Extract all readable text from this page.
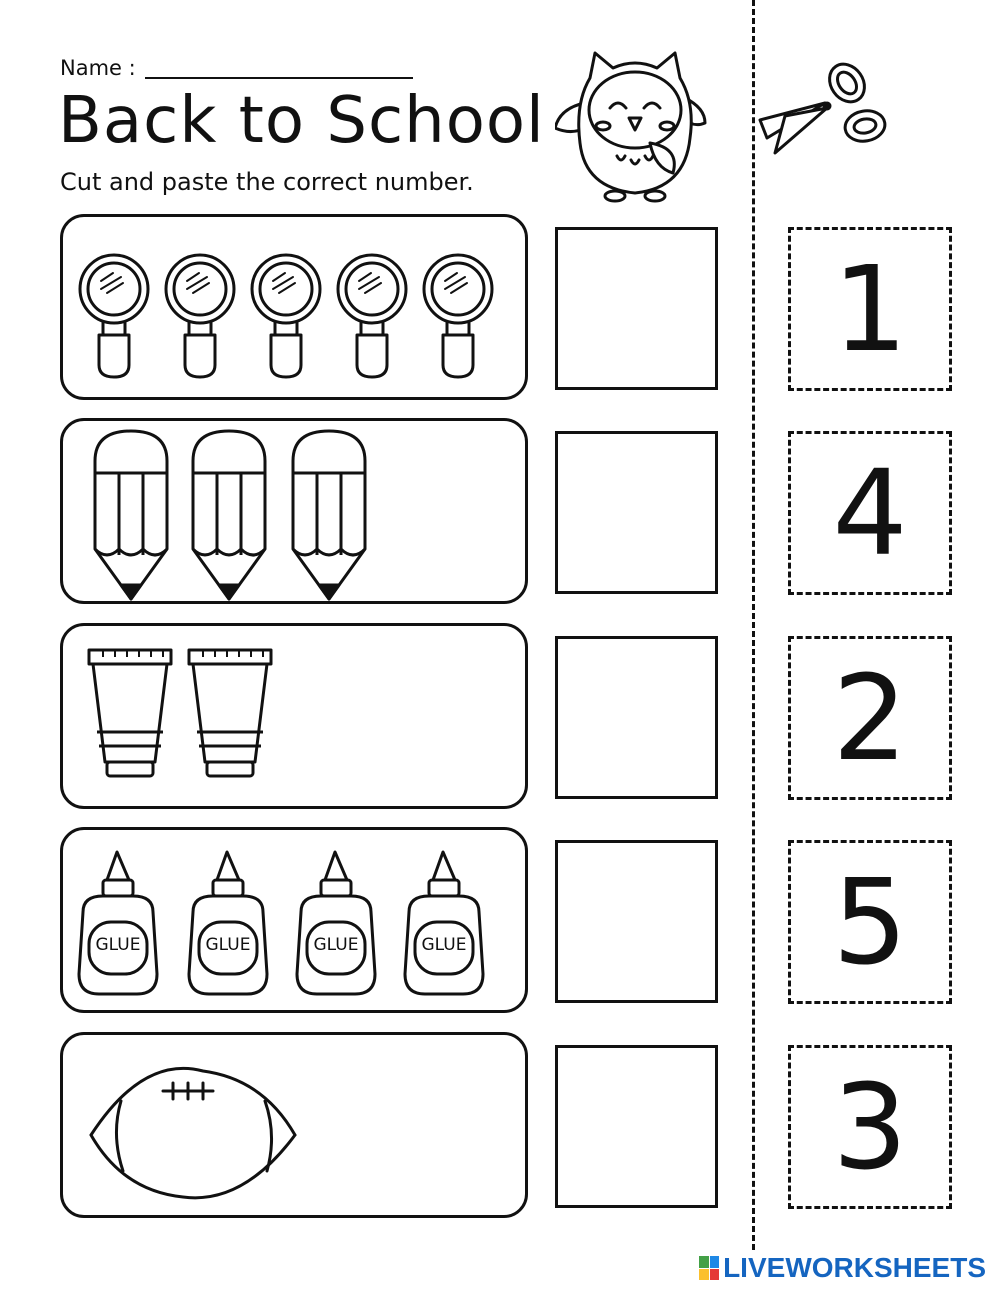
Name :
Back to School
Cut and paste the correct number.
1
4
2
GLUE	GLUE	GLUE	GLUE	5
3
LIVEWORKSHEETS
